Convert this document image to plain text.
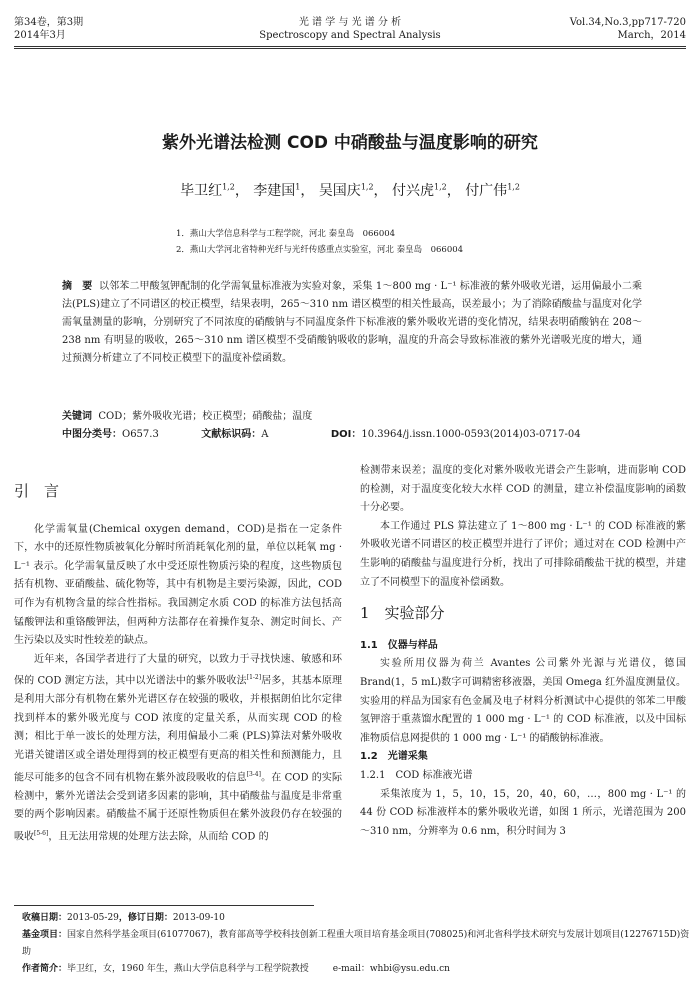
第34卷，第3期
2014年3月
光 谱 学 与 光 谱 分 析
Spectroscopy and Spectral Analysis
Vol.34,No.3,pp717-720
March，2014
紫外光谱法检测 COD 中硝酸盐与温度影响的研究
毕卫红$^{1,2}$， 李建国$^1$， 吴国庆$^{1,2}$， 付兴虎$^{1,2}$， 付广伟$^{1,2}$
1．燕山大学信息科学与工程学院，河北 秦皇岛　066004
2．燕山大学河北省特种光纤与光纤传感重点实验室，河北 秦皇岛　066004
摘　要 以邻苯二甲酸氢钾配制的化学需氧量标准液为实验对象，采集 1～800 mg · L⁻¹ 标准液的紫外吸收光谱，运用偏最小二乘法(PLS)建立了不同谱区的校正模型，结果表明，265～310 nm 谱区模型的相关性最高，误差最小；为了消除硝酸盐与温度对化学需氧量测量的影响，分别研究了不同浓度的硝酸钠与不同温度条件下标准液的紫外吸收光谱的变化情况，结果表明硝酸钠在 208～238 nm 有明显的吸收，265～310 nm 谱区模型不受硝酸钠吸收的影响，温度的升高会导致标准液的紫外光谱吸光度的增大，通过预测分析建立了不同校正模型下的温度补偿函数。
关键词 COD；紫外吸收光谱；校正模型；硝酸盐；温度
中图分类号：O657.3	文献标识码：A	DOI：10.3964/j.issn.1000-0593(2014)03-0717-04
引　言

化学需氧量(Chemical oxygen demand，COD)是指在一定条件下，水中的还原性物质被氧化分解时所消耗氧化剂的量，单位以耗氧 mg · L⁻¹ 表示。化学需氧量反映了水中受还原性物质污染的程度，这些物质包括有机物、亚硝酸盐、硫化物等，其中有机物是主要污染源，因此，COD 可作为有机物含量的综合性指标。我国测定水质 COD 的标准方法包括高锰酸钾法和重铬酸钾法，但两种方法都存在着操作复杂、测定时间长、产生污染以及实时性较差的缺点。

近年来，各国学者进行了大量的研究，以致力于寻找快速、敏感和环保的 COD 测定方法，其中以光谱法中的紫外吸收法[1-2]居多，其基本原理是利用大部分有机物在紫外光谱区存在较强的吸收，并根据朗伯比尔定律找到样本的紫外吸光度与 COD 浓度的定量关系，从而实现 COD 的检测；相比于单一波长的处理方法，利用偏最小二乘 (PLS)算法对紫外吸收光谱关键谱区或全谱处理得到的校正模型有更高的相关性和预测能力，且能尽可能多的包含不同有机物在紫外波段吸收的信息[3-4]。在 COD 的实际检测中，紫外光谱法会受到诸多因素的影响，其中硝酸盐与温度是非常重要的两个影响因素。硝酸盐不属于还原性物质但在紫外波段仍存在较强的吸收[5-6]，且无法用常规的处理方法去除，从而给 COD 的

检测带来误差；温度的变化对紫外吸收光谱会产生影响，进而影响 COD 的检测，对于温度变化较大水样 COD 的测量，建立补偿温度影响的函数十分必要。

本工作通过 PLS 算法建立了 1～800 mg · L⁻¹ 的 COD 标准液的紫外吸收光谱不同谱区的校正模型并进行了评价；通过对在 COD 检测中产生影响的硝酸盐与温度进行分析，找出了可排除硝酸盐干扰的模型，并建立了不同模型下的温度补偿函数。

1　实验部分
1.1　仪器与样品

实验所用仪器为荷兰 Avantes 公司紫外光源与光谱仪，德国 Brand(1，5 mL)数字可调精密移液器，美国 Omega 红外温度测量仪。实验用的样品为国家有色金属及电子材料分析测试中心提供的邻苯二甲酸氢钾溶于重蒸馏水配置的 1 000 mg · L⁻¹ 的 COD 标准液，以及中国标准物质信息网提供的 1 000 mg · L⁻¹ 的硝酸钠标准液。

1.2　光谱采集
1.2.1　COD 标准液光谱

采集浓度为 1，5，10，15，20，40，60，…，800 mg · L⁻¹ 的 44 份 COD 标准液样本的紫外吸收光谱，如图 1 所示，光谱范围为 200～310 nm，分辨率为 0.6 nm，积分时间为 3

收稿日期：2013-05-29，修订日期：2013-09-10
基金项目：国家自然科学基金项目(61077067)，教育部高等学校科技创新工程重大项目培育基金项目(708025)和河北省科学技术研究与发展计划项目(12276715D)资助
作者简介：毕卫红，女，1960 年生，燕山大学信息科学与工程学院教授	e-mail：whbi@ysu.edu.cn
